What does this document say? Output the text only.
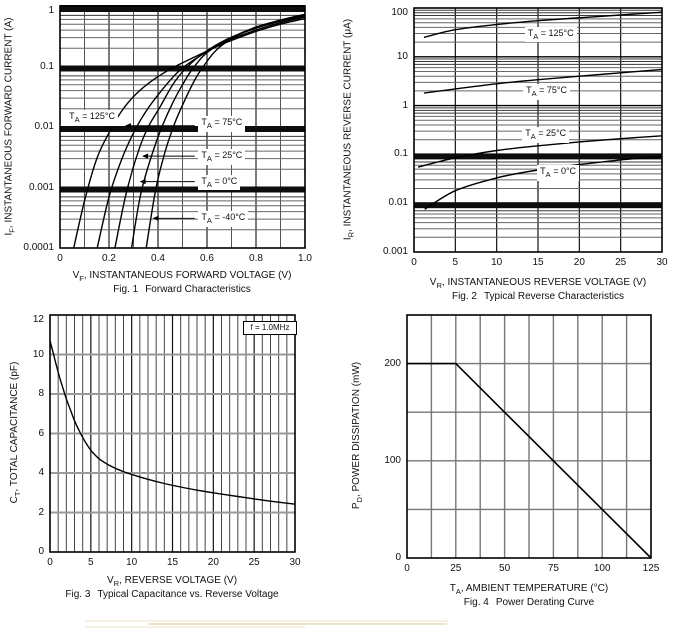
$T_A = 125^\circ C$
$T_A = 75^\circ C$
$T_A = 25^\circ C$
$T_A = 0^\circ C$
$T_A = -40^\circ C$
0	0.2	0.4	0.6	0.8	1.0
1
0.1
0.01
0.001
0.0001
$T_A = 125^\circ C$
$T_A = 75^\circ C$
$T_A = 25^\circ C$
$T_A = 0^\circ C$
0	5	10	15	20	25	30
100
10
1
0.1
0.01
0.001
0	5	10	15	20	25	30
0
2
4
6
8
10
12
0	25	50	75	100	125
0
100
200
$I_F$, INSTANTANEOUS FORWARD CURRENT (A)
$V_F$, INSTANTANEOUS FORWARD VOLTAGE (V)
Fig. 1 Forward Characteristics
$I_R$, INSTANTANEOUS REVERSE CURRENT (μA)
$V_R$, INSTANTANEOUS REVERSE VOLTAGE (V)
Fig. 2 Typical Reverse Characteristics
$C_T$, TOTAL CAPACITANCE (pF)
$V_R$, REVERSE VOLTAGE (V)
Fig. 3 Typical Capacitance vs. Reverse Voltage
f = 1.0MHz
$P_D$, POWER DISSIPATION (mW)
$T_A$, AMBIENT TEMPERATURE (°C)
Fig. 4 Power Derating Curve
